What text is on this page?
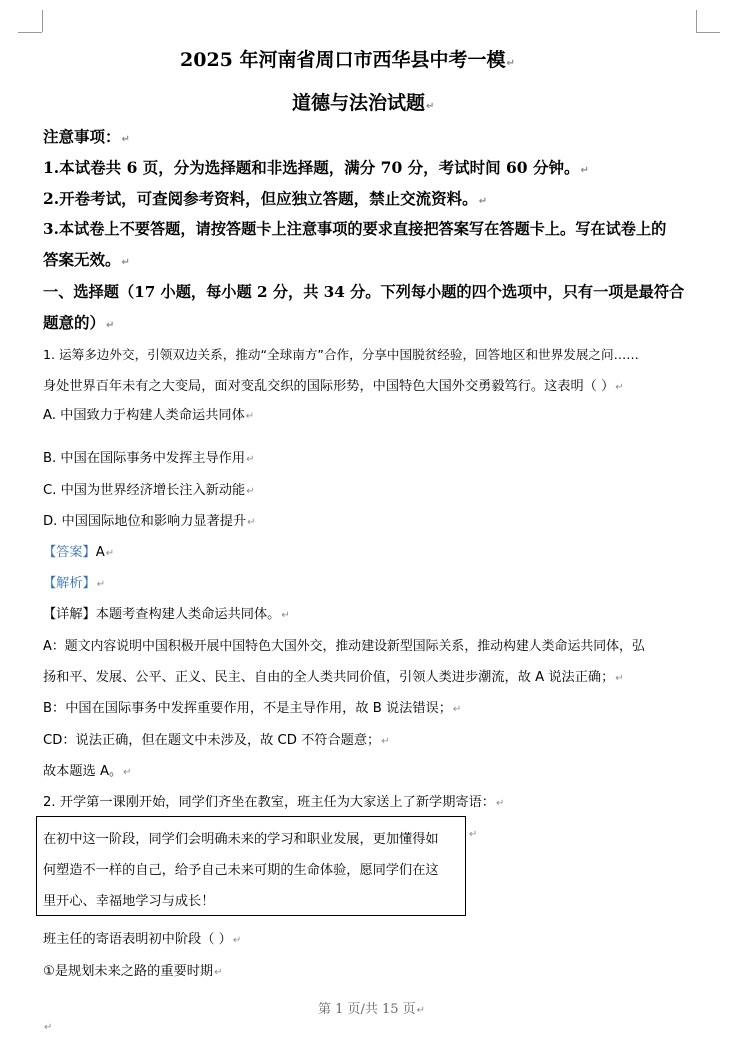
2025 年河南省周口市西华县中考一模↵
道德与法治试题↵
注意事项：↵
1.本试卷共 6 页，分为选择题和非选择题，满分 70 分，考试时间 60 分钟。↵
2.开卷考试，可查阅参考资料，但应独立答题，禁止交流资料。↵
3.本试卷上不要答题，请按答题卡上注意事项的要求直接把答案写在答题卡上。写在试卷上的
答案无效。↵
一、选择题（17 小题，每小题 2 分，共 34 分。下列每小题的四个选项中，只有一项是最符合
题意的）↵
1. 运筹多边外交，引领双边关系，推动“全球南方”合作，分享中国脱贫经验，回答地区和世界发展之问……
身处世界百年未有之大变局，面对变乱交织的国际形势，中国特色大国外交勇毅笃行。这表明（ ）↵
A. 中国致力于构建人类命运共同体↵
B. 中国在国际事务中发挥主导作用↵
C. 中国为世界经济增长注入新动能↵
D. 中国国际地位和影响力显著提升↵
【答案】A↵
【解析】↵
【详解】本题考查构建人类命运共同体。↵
A：题文内容说明中国积极开展中国特色大国外交，推动建设新型国际关系，推动构建人类命运共同体，弘
扬和平、发展、公平、正义、民主、自由的全人类共同价值，引领人类进步潮流，故 A 说法正确；↵
B：中国在国际事务中发挥重要作用，不是主导作用，故 B 说法错误；↵
CD：说法正确，但在题文中未涉及，故 CD 不符合题意；↵
故本题选 A。↵
2. 开学第一课刚开始，同学们齐坐在教室，班主任为大家送上了新学期寄语：↵
在初中这一阶段，同学们会明确未来的学习和职业发展，更加懂得如
何塑造不一样的自己，给予自己未来可期的生命体验，愿同学们在这
里开心、幸福地学习与成长！
↵
班主任的寄语表明初中阶段（ ）↵
①是规划未来之路的重要时期↵
第 1 页/共 15 页↵
↵
